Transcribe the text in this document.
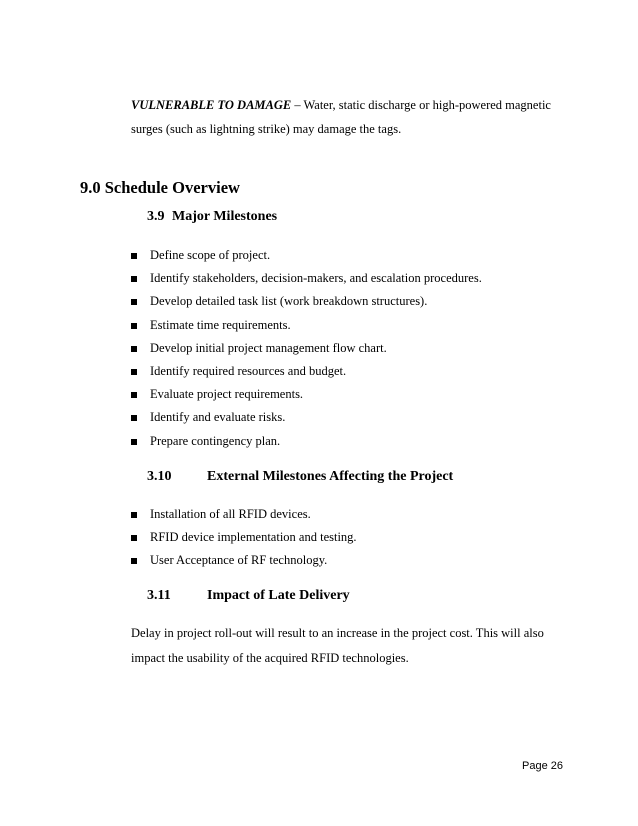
VULNERABLE TO DAMAGE – Water, static discharge or high-powered magnetic surges (such as lightning strike) may damage the tags.

9.0 Schedule Overview
3.9 Major Milestones
Define scope of project.
Identify stakeholders, decision-makers, and escalation procedures.
Develop detailed task list (work breakdown structures).
Estimate time requirements.
Develop initial project management flow chart.
Identify required resources and budget.
Evaluate project requirements.
Identify and evaluate risks.
Prepare contingency plan.
3.10	External Milestones Affecting the Project
Installation of all RFID devices.
RFID device implementation and testing.
User Acceptance of RF technology.
3.11	Impact of Late Delivery

Delay in project roll-out will result to an increase in the project cost. This will also impact the usability of the acquired RFID technologies.

Page 26
